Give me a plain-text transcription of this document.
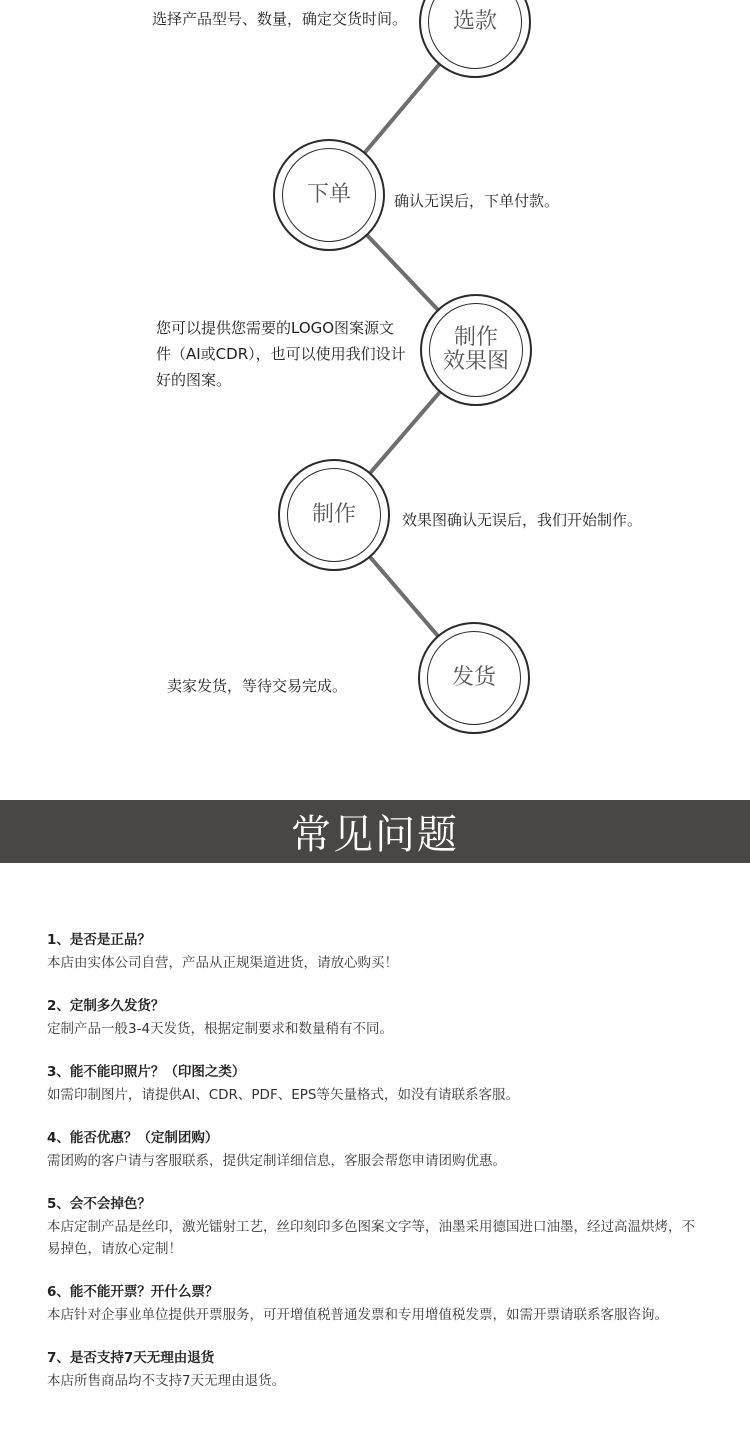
选款
选择产品型号、数量，确定交货时间。
下单	确认无误后，下单付款。
制作
效果图
您可以提供您需要的LOGO图案源文件（AI或CDR），也可以使用我们设计好的图案。
制作	效果图确认无误后，我们开始制作。
发货
卖家发货，等待交易完成。
常见问题
1、是否是正品？
本店由实体公司自营，产品从正规渠道进货，请放心购买！
2、定制多久发货？
定制产品一般3-4天发货，根据定制要求和数量稍有不同。
3、能不能印照片？（印图之类）
如需印制图片，请提供AI、CDR、PDF、EPS等矢量格式，如没有请联系客服。
4、能否优惠？（定制团购）
需团购的客户请与客服联系，提供定制详细信息，客服会帮您申请团购优惠。
5、会不会掉色？
本店定制产品是丝印，激光镭射工艺，丝印刻印多色图案文字等，油墨采用德国进口油墨，经过高温烘烤，不易掉色，请放心定制！
6、能不能开票？开什么票？
本店针对企事业单位提供开票服务，可开增值税普通发票和专用增值税发票，如需开票请联系客服咨询。
7、是否支持7天无理由退货
本店所售商品均不支持7天无理由退货。
